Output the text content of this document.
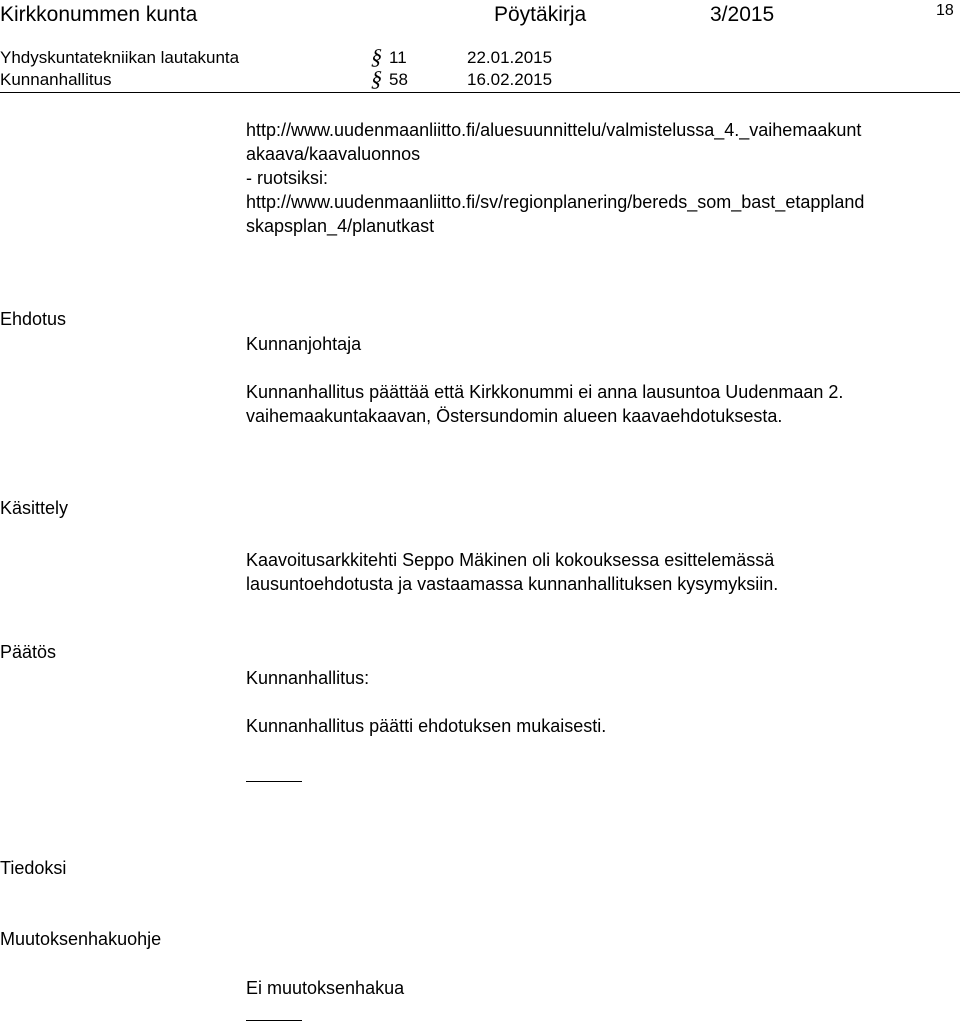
Kirkkonummen kunta	Pöytäkirja	3/2015	18
Yhdyskuntatekniikan lautakunta	§ 11	22.01.2015
Kunnanhallitus	§ 58	16.02.2015
http://www.uudenmaanliitto.fi/aluesuunnittelu/valmistelussa_4._vaihemaakunt
akaava/kaavaluonnos
- ruotsiksi:
http://www.uudenmaanliitto.fi/sv/regionplanering/bereds_som_bast_etappland
skapsplan_4/planutkast
Ehdotus
Kunnanjohtaja
Kunnanhallitus päättää että Kirkkonummi ei anna lausuntoa Uudenmaan 2.
vaihemaakuntakaavan, Östersundomin alueen kaavaehdotuksesta.
Käsittely
Kaavoitusarkkitehti Seppo Mäkinen oli kokouksessa esittelemässä
lausuntoehdotusta ja vastaamassa kunnanhallituksen kysymyksiin.
Päätös
Kunnanhallitus:
Kunnanhallitus päätti ehdotuksen mukaisesti.
Tiedoksi
Muutoksenhakuohje
Ei muutoksenhakua
